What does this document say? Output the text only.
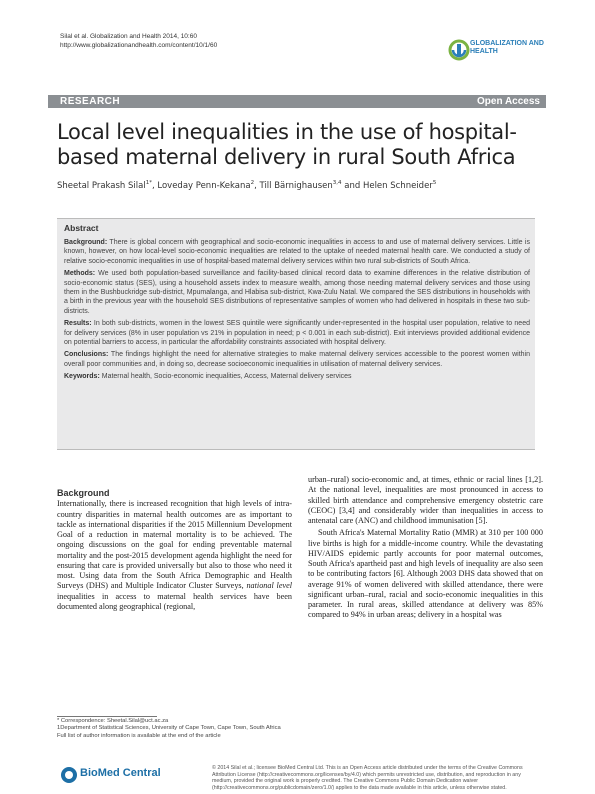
Silal et al. Globalization and Health 2014, 10:60
http://www.globalizationandhealth.com/content/10/1/60	GLOBALIZATION AND HEALTH
RESEARCH	Open Access
Local level inequalities in the use of hospital-based maternal delivery in rural South Africa
Sheetal Prakash Silal$^{1*}$, Loveday Penn-Kekana$^2$, Till Bärnighausen$^{3,4}$ and Helen Schneider$^5$
Abstract

Background: There is global concern with geographical and socio-economic inequalities in access to and use of maternal delivery services. Little is known, however, on how local-level socio-economic inequalities are related to the uptake of needed maternal health care. We conducted a study of relative socio-economic inequalities in use of hospital-based maternal delivery services within two rural sub-districts of South Africa.

Methods: We used both population-based surveillance and facility-based clinical record data to examine differences in the relative distribution of socio-economic status (SES), using a household assets index to measure wealth, among those needing maternal delivery services and those using them in the Bushbuckridge sub-district, Mpumalanga, and Hlabisa sub-district, Kwa-Zulu Natal. We compared the SES distributions in households with a birth in the previous year with the household SES distributions of representative samples of women who had delivered in hospitals in these two sub-districts.

Results: In both sub-districts, women in the lowest SES quintile were significantly under-represented in the hospital user population, relative to need for delivery services (8% in user population vs 21% in population in need; p < 0.001 in each sub-district). Exit interviews provided additional evidence on potential barriers to access, in particular the affordability constraints associated with hospital delivery.

Conclusions: The findings highlight the need for alternative strategies to make maternal delivery services accessible to the poorest women within overall poor communities and, in doing so, decrease socioeconomic inequalities in utilisation of maternal delivery services.

Keywords: Maternal health, Socio-economic inequalities, Access, Maternal delivery services

Background

Internationally, there is increased recognition that high levels of intra-country disparities in maternal health outcomes are as important to tackle as international disparities if the 2015 Millennium Development Goal of a reduction in maternal mortality is to be achieved. The ongoing discussions on the goal for ending preventable maternal mortality and the post-2015 development agenda highlight the need for ensuring that care is provided universally but also to those who need it most. Using data from the South Africa Demographic and Health Surveys (DHS) and Multiple Indicator Cluster Surveys, national level inequalities in access to maternal health services have been documented along geographical (regional,

urban–rural) socio-economic and, at times, ethnic or racial lines [1,2]. At the national level, inequalities are most pronounced in access to skilled birth attendance and comprehensive emergency obstetric care (CEOC) [3,4] and considerably wider than inequalities in access to antenatal care (ANC) and childhood immunisation [5].

South Africa's Maternal Mortality Ratio (MMR) at 310 per 100 000 live births is high for a middle-income country. While the devastating HIV/AIDS epidemic partly accounts for poor maternal outcomes, South Africa's apartheid past and high levels of inequality are also seen to be contributing factors [6]. Although 2003 DHS data showed that on average 91% of women delivered with skilled attendance, there were significant urban–rural, racial and socio-economic inequalities in this parameter. In rural areas, skilled attendance at delivery was 85% compared to 94% in urban areas; delivery in a hospital was

* Correspondence: Sheetal.Silal@uct.ac.za
1Department of Statistical Sciences, University of Cape Town, Cape Town, South Africa
Full list of author information is available at the end of the article
BioMed Central	© 2014 Silal et al.; licensee BioMed Central Ltd. This is an Open Access article distributed under the terms of the Creative Commons Attribution License (http://creativecommons.org/licenses/by/4.0) which permits unrestricted use, distribution, and reproduction in any medium, provided the original work is properly credited. The Creative Commons Public Domain Dedication waiver (http://creativecommons.org/publicdomain/zero/1.0/) applies to the data made available in this article, unless otherwise stated.
